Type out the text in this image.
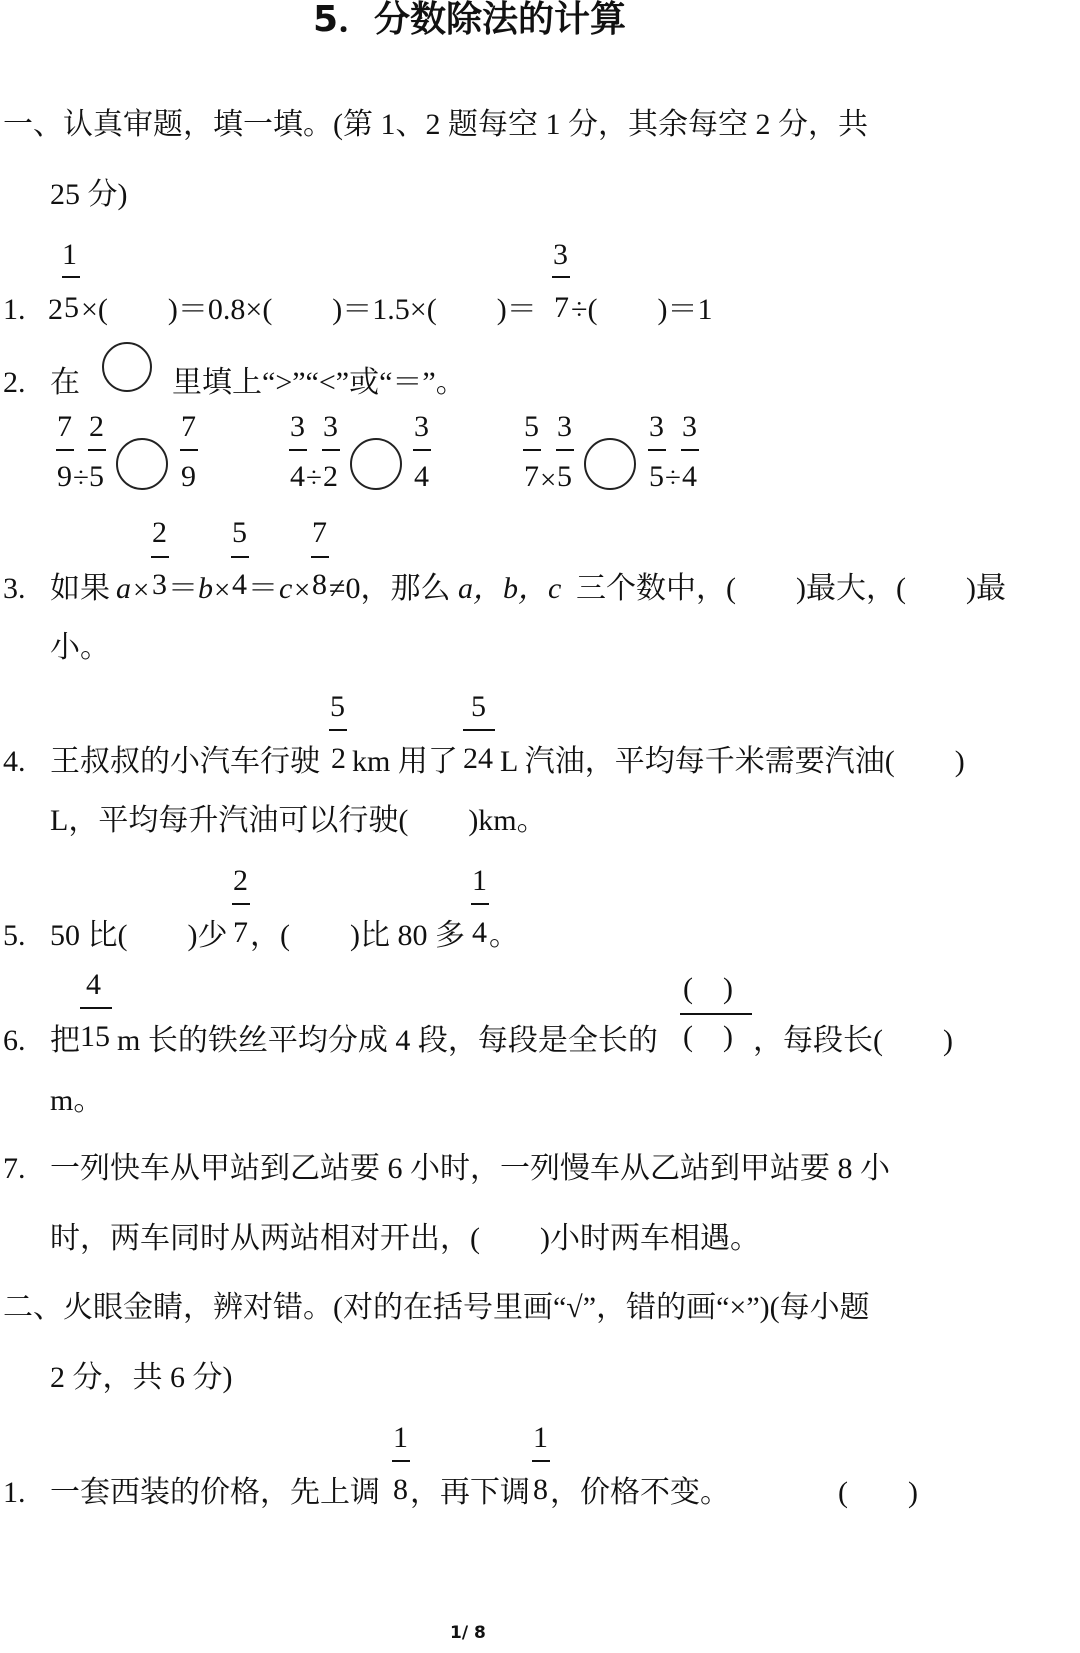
5．分数除法的计算
一、认真审题，填一填。(第 1、2 题每空 1 分，其余每空 2 分，共
25 分)
1.
1
2 5 ×(　　)＝0.8×(　　)＝1.5×(　　)＝
3
7 ÷(　　)＝1
2. 在	里填上“>”“<”或“＝”。
7
9 ÷
2
5
7
9
3
4 ÷
3
2
3
4
5
7 ×
3
5
3
5 ÷
3
4
3. 如果 a ×
2
3 ＝ b ×
5
4 ＝ c ×
7
8 ≠0，那么 a，b，c 三个数中，(　　)最大，(　　)最
小。
4. 王叔叔的小汽车行驶
5
2 km 用了
5
24 L 汽油，平均每千米需要汽油(　　)
L，平均每升汽油可以行驶(　　)km。
5. 50 比(　　)少
2
7 ，(　　)比 80 多
1
4 。
6. 把
4
15 m 长的铁丝平均分成 4 段，每段是全长的
(　)
(　) ，每段长(　　)
m。
7. 一列快车从甲站到乙站要 6 小时，一列慢车从乙站到甲站要 8 小
时，两车同时从两站相对开出，(　　)小时两车相遇。
二、火眼金睛，辨对错。(对的在括号里画“√”，错的画“×”)(每小题
2 分，共 6 分)
1. 一套西装的价格，先上调
1
8 ，再下调
1
8 ，价格不变。	(　　)
1/ 8
